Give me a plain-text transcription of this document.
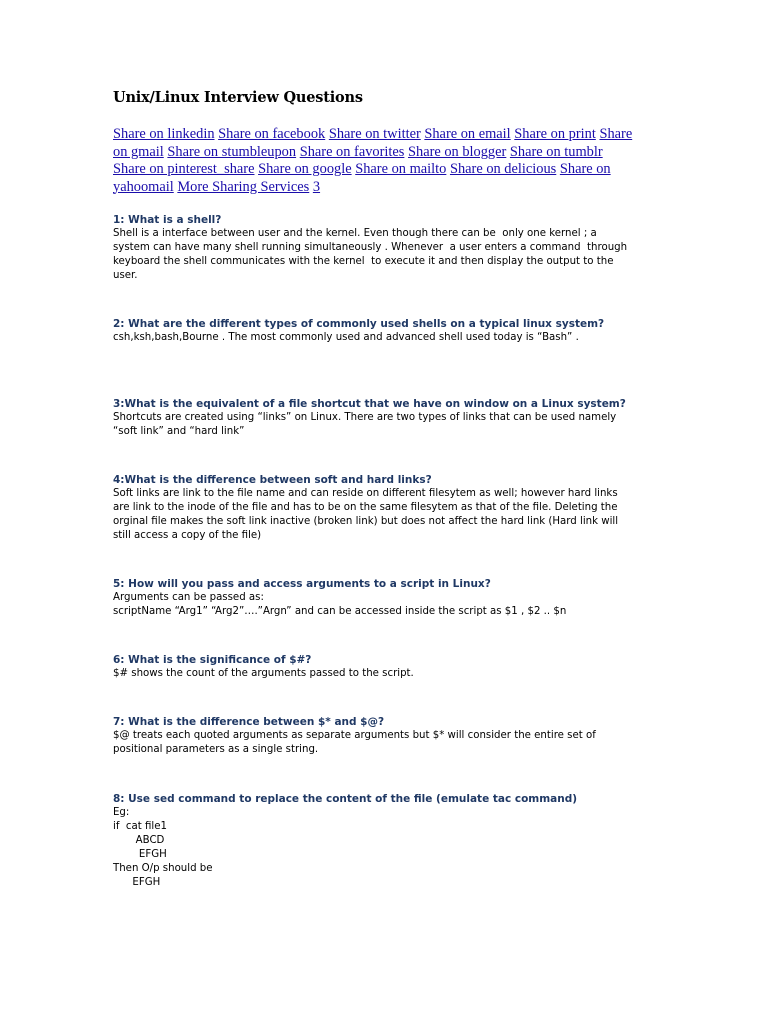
Unix/Linux Interview Questions
Share on linkedin Share on facebook Share on twitter Share on email Share on print Share on gmail Share on stumbleupon Share on favorites Share on blogger Share on tumblr Share on pinterest_share Share on google Share on mailto Share on delicious Share on yahoomail More Sharing Services 3
1: What is a shell?
Shell is a interface between user and the kernel. Even though there can be  only one kernel ; a
system can have many shell running simultaneously . Whenever  a user enters a command  through
keyboard the shell communicates with the kernel  to execute it and then display the output to the
user.
2: What are the different types of commonly used shells on a typical linux system?
csh,ksh,bash,Bourne . The most commonly used and advanced shell used today is “Bash” .
3:What is the equivalent of a file shortcut that we have on window on a Linux system?
Shortcuts are created using “links” on Linux. There are two types of links that can be used namely
“soft link” and “hard link”
4:What is the difference between soft and hard links?
Soft links are link to the file name and can reside on different filesytem as well; however hard links
are link to the inode of the file and has to be on the same filesytem as that of the file. Deleting the
orginal file makes the soft link inactive (broken link) but does not affect the hard link (Hard link will
still access a copy of the file)
5: How will you pass and access arguments to a script in Linux?
Arguments can be passed as:
scriptName “Arg1” “Arg2”….”Argn” and can be accessed inside the script as $1 , $2 .. $n
6: What is the significance of $#?
$# shows the count of the arguments passed to the script.
7: What is the difference between $* and $@?
$@ treats each quoted arguments as separate arguments but $* will consider the entire set of
positional parameters as a single string.
8: Use sed command to replace the content of the file (emulate tac command)
Eg:
if  cat file1
ABCD
EFGH
Then O/p should be
EFGH
